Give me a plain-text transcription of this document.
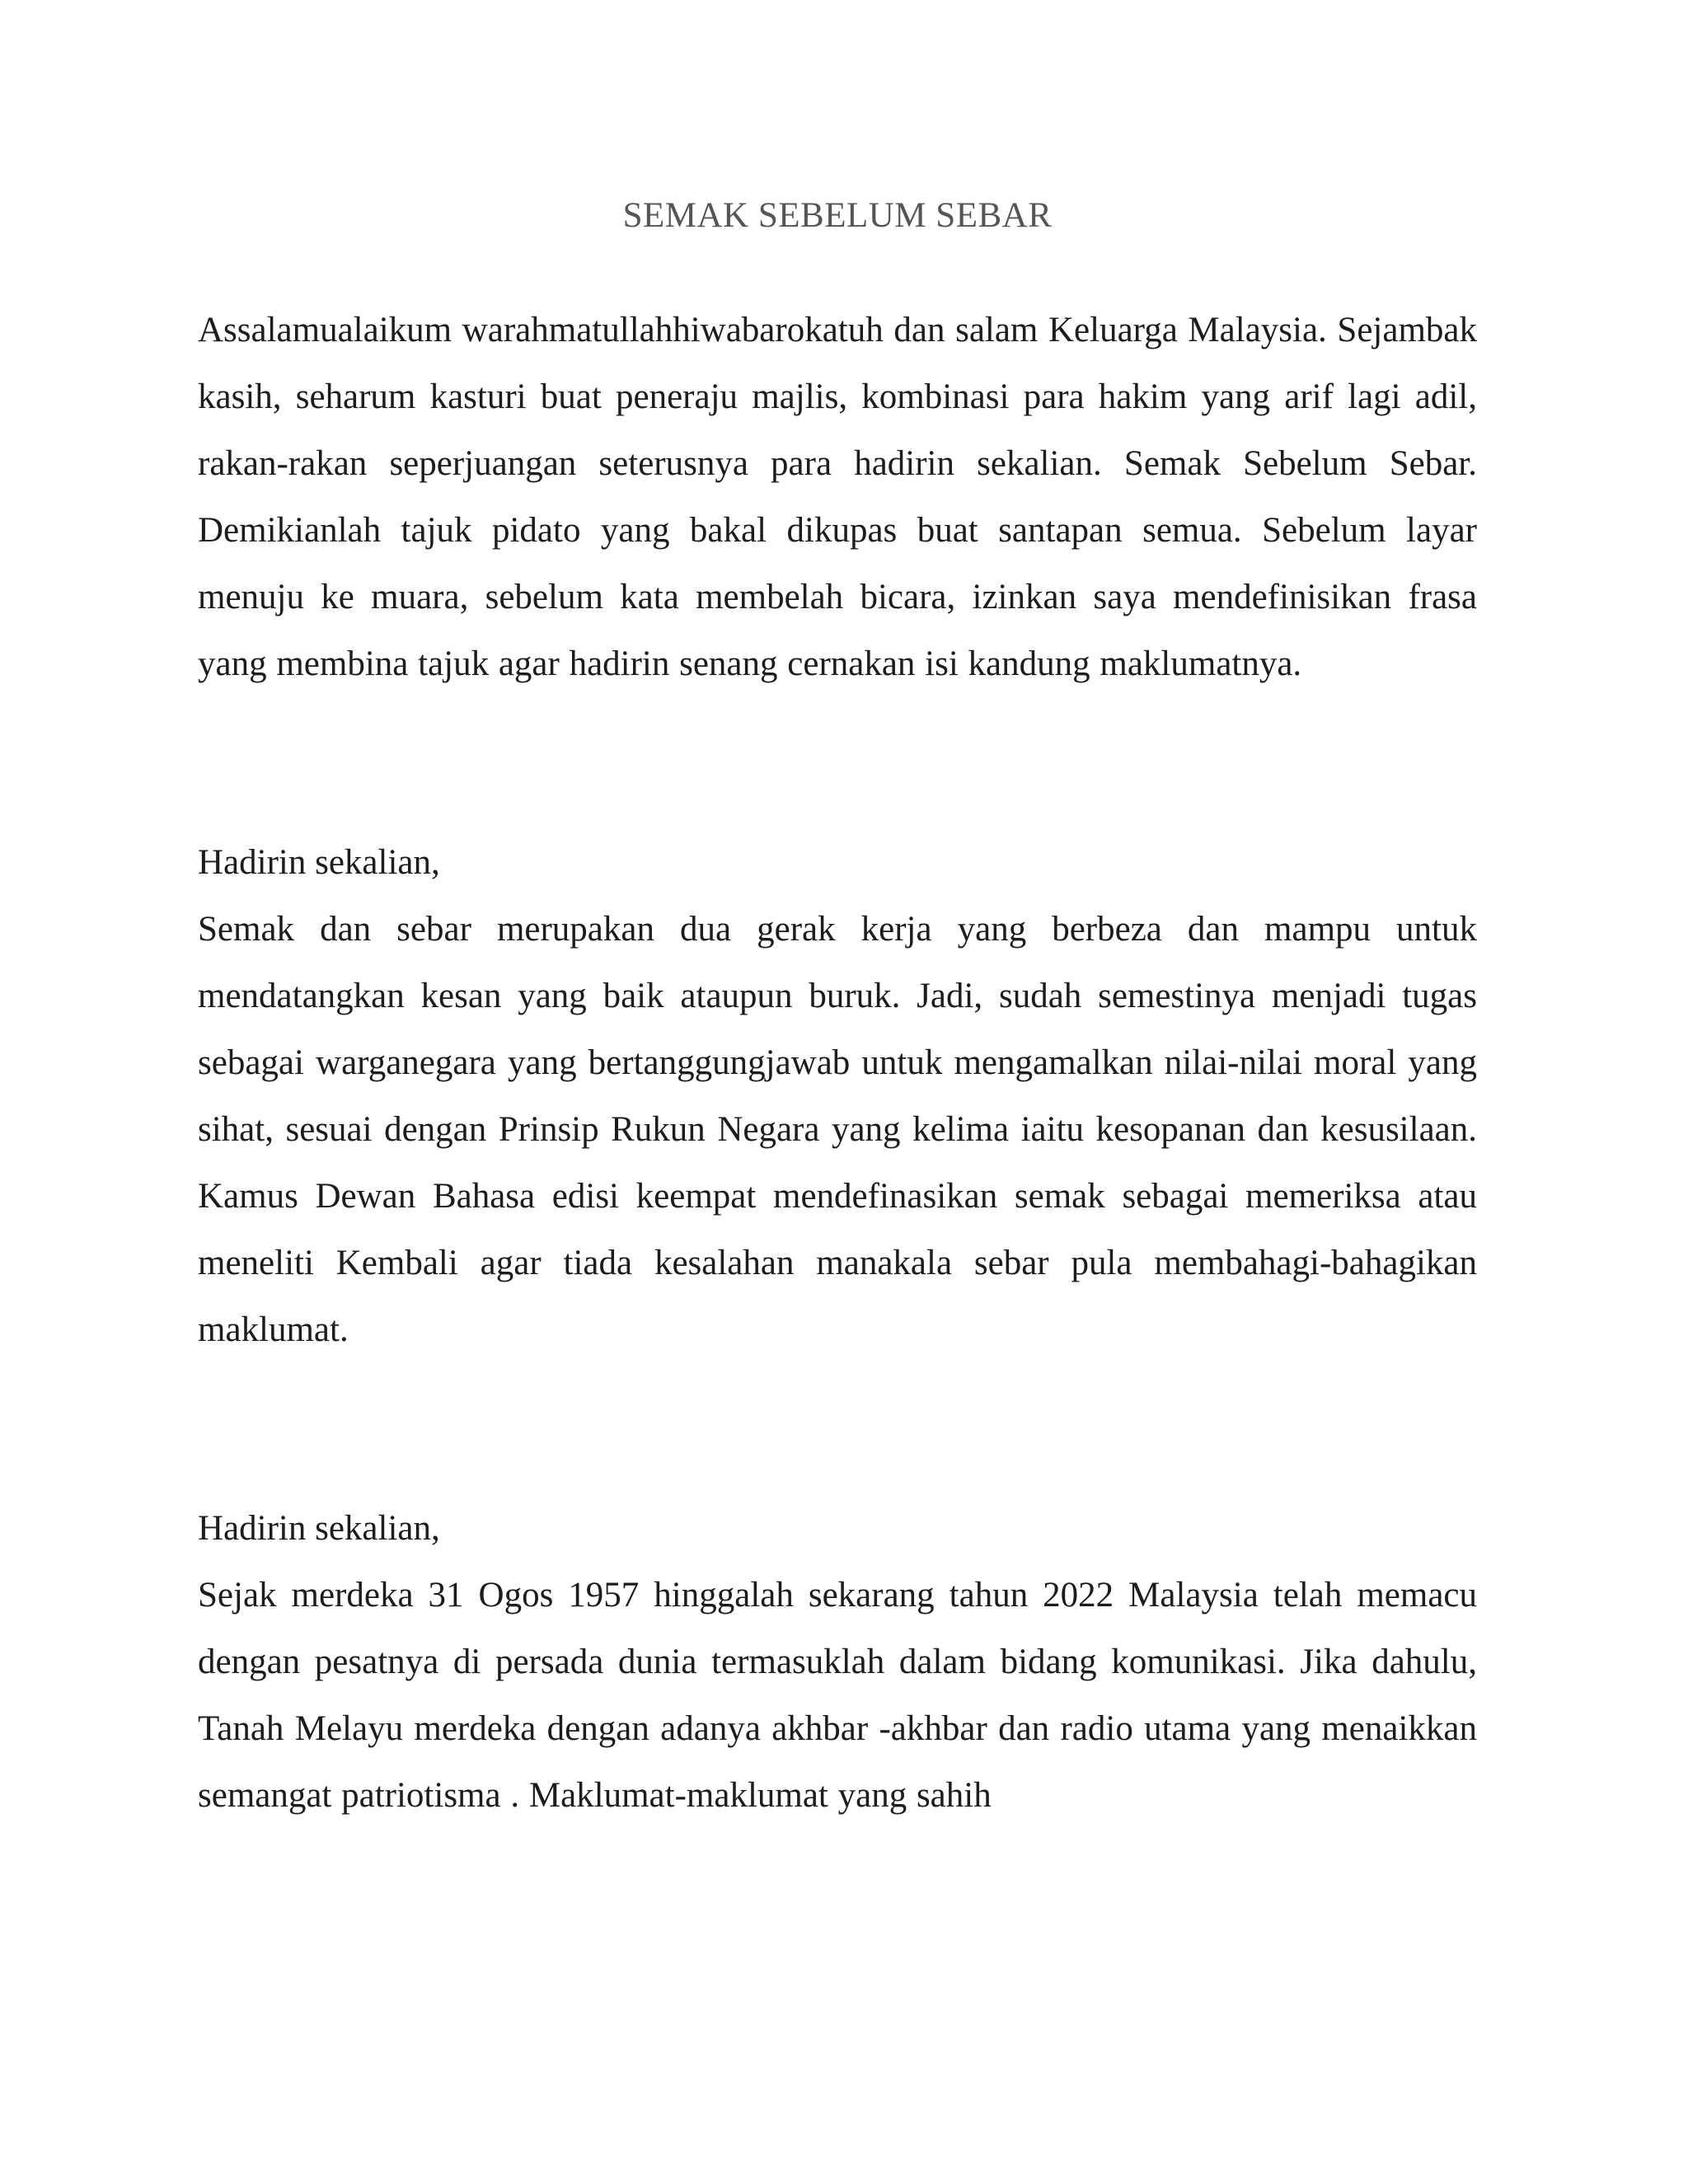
SEMAK SEBELUM SEBAR

Assalamualaikum warahmatullahhiwabarokatuh dan salam Keluarga Malaysia. Sejambak kasih, seharum kasturi buat peneraju majlis, kombinasi para hakim yang arif lagi adil, rakan-rakan seperjuangan seterusnya para hadirin sekalian. Semak Sebelum Sebar. Demikianlah tajuk pidato yang bakal dikupas buat santapan semua. Sebelum layar menuju ke muara, sebelum kata membelah bicara, izinkan saya mendefinisikan frasa yang membina tajuk agar hadirin senang cernakan isi kandung maklumatnya.

Hadirin sekalian,

Semak dan sebar merupakan dua gerak kerja yang berbeza dan mampu untuk mendatangkan kesan yang baik ataupun buruk. Jadi, sudah semestinya menjadi tugas sebagai warganegara yang bertanggungjawab untuk mengamalkan nilai-nilai moral yang sihat, sesuai dengan Prinsip Rukun Negara yang kelima iaitu kesopanan dan kesusilaan. Kamus Dewan Bahasa edisi keempat mendefinasikan semak sebagai memeriksa atau meneliti Kembali agar tiada kesalahan manakala sebar pula membahagi-bahagikan maklumat.

Hadirin sekalian,

Sejak merdeka 31 Ogos 1957 hinggalah sekarang tahun 2022 Malaysia telah memacu dengan pesatnya di persada dunia termasuklah dalam bidang komunikasi. Jika dahulu, Tanah Melayu merdeka dengan adanya akhbar -akhbar dan radio utama yang menaikkan semangat patriotisma . Maklumat-maklumat yang sahih
